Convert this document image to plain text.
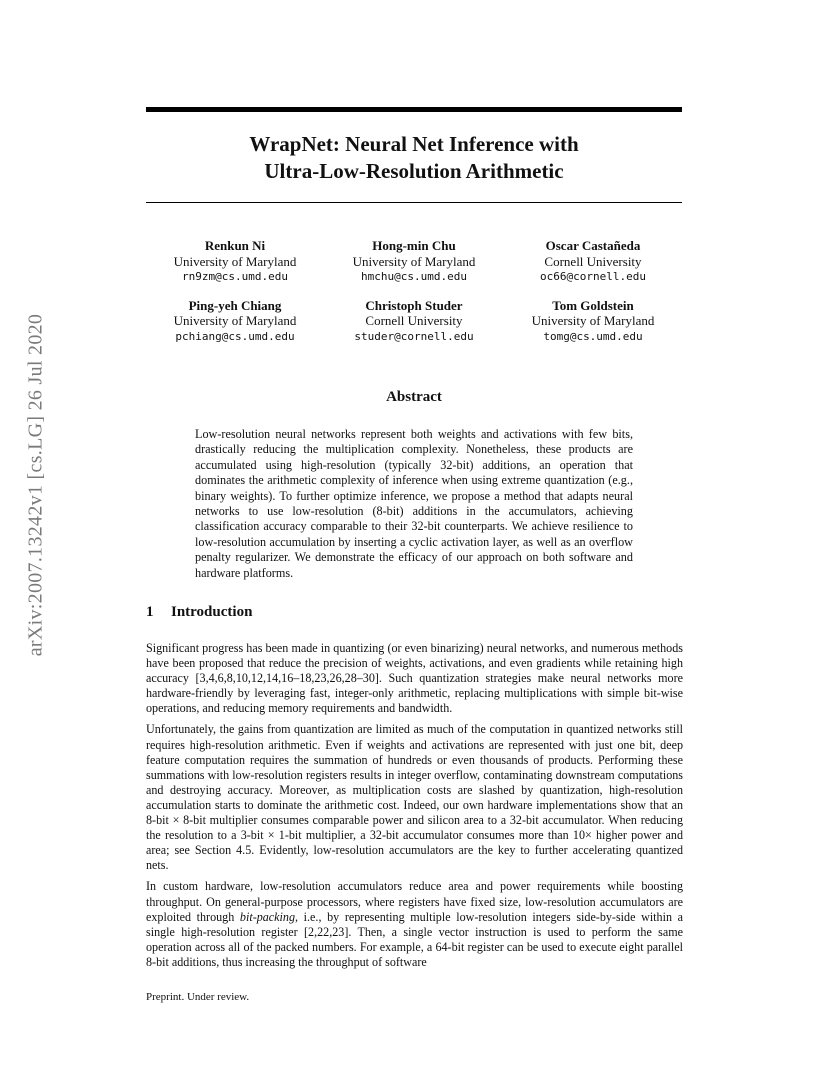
WrapNet: Neural Net Inference with
Ultra-Low-Resolution Arithmetic
arXiv:2007.13242v1 [cs.LG] 26 Jul 2020
Renkun Ni
University of Maryland
rn9zm@cs.umd.edu
Hong-min Chu
University of Maryland
hmchu@cs.umd.edu
Oscar Castañeda
Cornell University
oc66@cornell.edu
Ping-yeh Chiang
University of Maryland
pchiang@cs.umd.edu
Christoph Studer
Cornell University
studer@cornell.edu
Tom Goldstein
University of Maryland
tomg@cs.umd.edu
Abstract

Low-resolution neural networks represent both weights and activations with few bits, drastically reducing the multiplication complexity. Nonetheless, these products are accumulated using high-resolution (typically 32-bit) additions, an operation that dominates the arithmetic complexity of inference when using extreme quantization (e.g., binary weights). To further optimize inference, we propose a method that adapts neural networks to use low-resolution (8-bit) additions in the accumulators, achieving classification accuracy comparable to their 32-bit counterparts. We achieve resilience to low-resolution accumulation by inserting a cyclic activation layer, as well as an overflow penalty regularizer. We demonstrate the efficacy of our approach on both software and hardware platforms.

1 Introduction

Significant progress has been made in quantizing (or even binarizing) neural networks, and numerous methods have been proposed that reduce the precision of weights, activations, and even gradients while retaining high accuracy [3,4,6,8,10,12,14,16–18,23,26,28–30]. Such quantization strategies make neural networks more hardware-friendly by leveraging fast, integer-only arithmetic, replacing multiplications with simple bit-wise operations, and reducing memory requirements and bandwidth.

Unfortunately, the gains from quantization are limited as much of the computation in quantized networks still requires high-resolution arithmetic. Even if weights and activations are represented with just one bit, deep feature computation requires the summation of hundreds or even thousands of products. Performing these summations with low-resolution registers results in integer overflow, contaminating downstream computations and destroying accuracy. Moreover, as multiplication costs are slashed by quantization, high-resolution accumulation starts to dominate the arithmetic cost. Indeed, our own hardware implementations show that an 8-bit × 8-bit multiplier consumes comparable power and silicon area to a 32-bit accumulator. When reducing the resolution to a 3-bit × 1-bit multiplier, a 32-bit accumulator consumes more than 10× higher power and area; see Section 4.5. Evidently, low-resolution accumulators are the key to further accelerating quantized nets.

In custom hardware, low-resolution accumulators reduce area and power requirements while boosting throughput. On general-purpose processors, where registers have fixed size, low-resolution accumulators are exploited through bit-packing, i.e., by representing multiple low-resolution integers side-by-side within a single high-resolution register [2,22,23]. Then, a single vector instruction is used to perform the same operation across all of the packed numbers. For example, a 64-bit register can be used to execute eight parallel 8-bit additions, thus increasing the throughput of software

Preprint. Under review.
